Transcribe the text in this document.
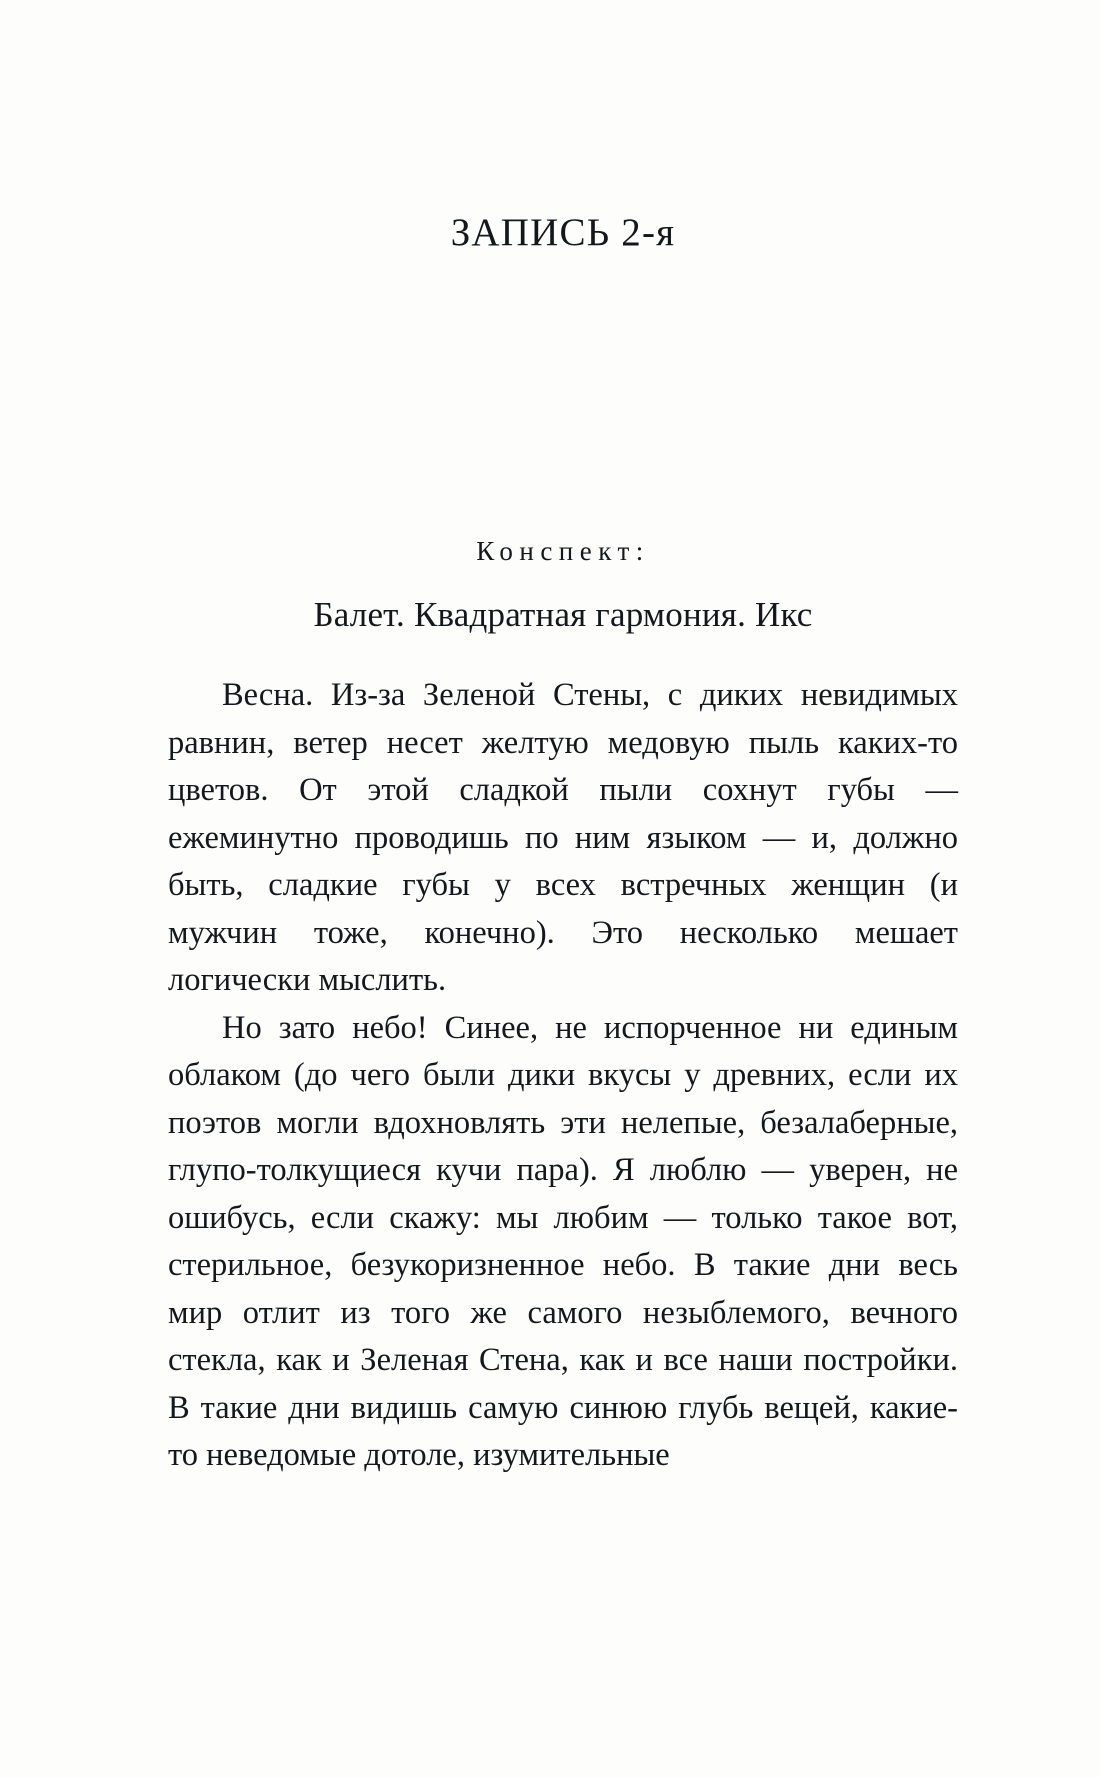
ЗАПИСЬ 2-я
Конспект:
Балет. Квадратная гармония. Икс

Весна. Из-за Зеленой Стены, с диких невидимых равнин, ветер несет желтую медовую пыль каких-то цветов. От этой сладкой пыли сохнут губы — ежеминутно проводишь по ним языком — и, должно быть, сладкие губы у всех встречных женщин (и мужчин тоже, конечно). Это несколько мешает логически мыслить.

Но зато небо! Синее, не испорченное ни единым облаком (до чего были дики вкусы у древних, если их поэтов могли вдохновлять эти нелепые, безалаберные, глупо-толкущиеся кучи пара). Я люблю — уверен, не ошибусь, если скажу: мы любим — только такое вот, стерильное, безукоризненное небо. В такие дни весь мир отлит из того же самого незыблемого, вечного стекла, как и Зеленая Стена, как и все наши постройки. В такие дни видишь самую синюю глубь вещей, какие-то неведомые дотоле, изумительные
